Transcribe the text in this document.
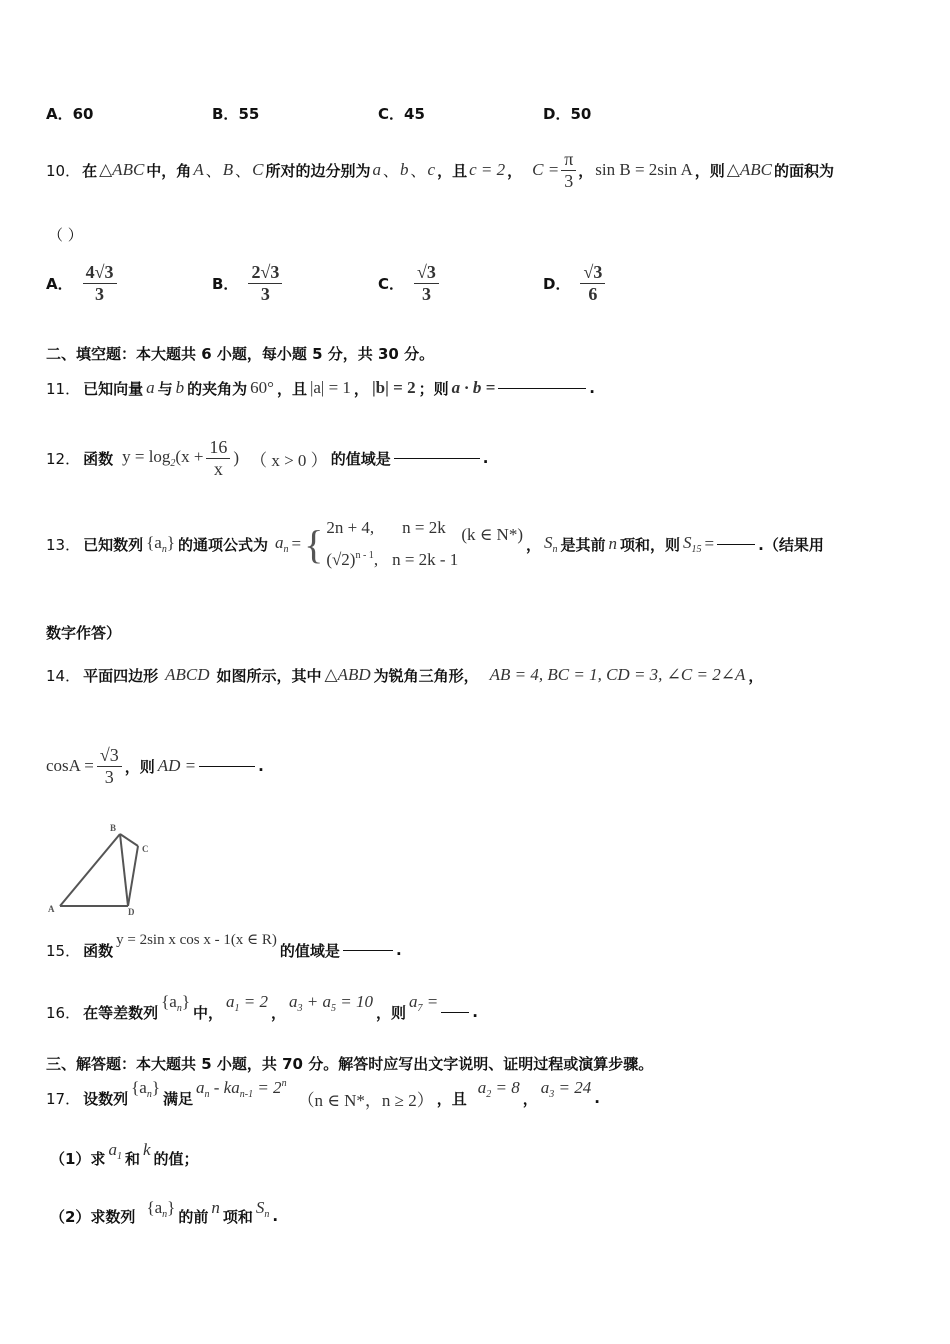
A．60	B．55	C．45	D．50
10． 在 △ABC 中，角 A 、 B 、 C 所对的边分别为 a 、 b 、 c ，且 c = 2 ， $C = \frac{\pi}{3}$ ， sin B = 2sin A ，则 △ABC 的面积为
（ ）
A． $\frac{4√3}{3}$	B． $\frac{2√3}{3}$	C． $\frac{√3}{3}$	D． $\frac{√3}{6}$
二、填空题：本大题共 6 小题，每小题 5 分，共 30 分。
11． 已知向量 a 与 b 的夹角为 60° ，且 |a| = 1 ， |b| = 2 ；则 a · b =	.
12． 函数 $y = \log_2(x + \frac{16}{x}$ ) （ x > 0 ） 的值域是	.
13． 已知数列 $\{a_n\}$ 的通项公式为 $a_n$ = { 2n + 4, n = 2k
$(√2)^{n - 1}$, n = 2k - 1
(k ∈ N*)
， $S_n$ 是其前 n 项和，则 $S_{15}$ =	.（结果用
数字作答）
14． 平面四边形 ABCD 如图所示，其中 △ABD 为锐角三角形， AB = 4, BC = 1, CD = 3, ∠C = 2∠A ，
$\cos A = \frac{√3}{3}$ ，则 AD =	.
B
C
A	D
15． 函数
y = 2sin x cos x - 1(x ∈ R)
的值域是	.
16． 在等差数列
$\{a_n\}$
中，
$a_1 = 2$
，
$a_3 + a_5 = 10$
，则
$a_7$ =
.
三、解答题：本大题共 5 小题，共 70 分。解答时应写出文字说明、证明过程或演算步骤。
17． 设数列
$\{a_n\}$
满足
$a_n - ka_{n-1} = 2^n$
（n ∈ N*，n ≥ 2） ，且
$a_2 = 8$
，
$a_3 = 24$
.
（1）求 $a_1$ 和 k 的值；
（2）求数列 $\{a_n\}$ 的前 n 项和 $S_n$ .
